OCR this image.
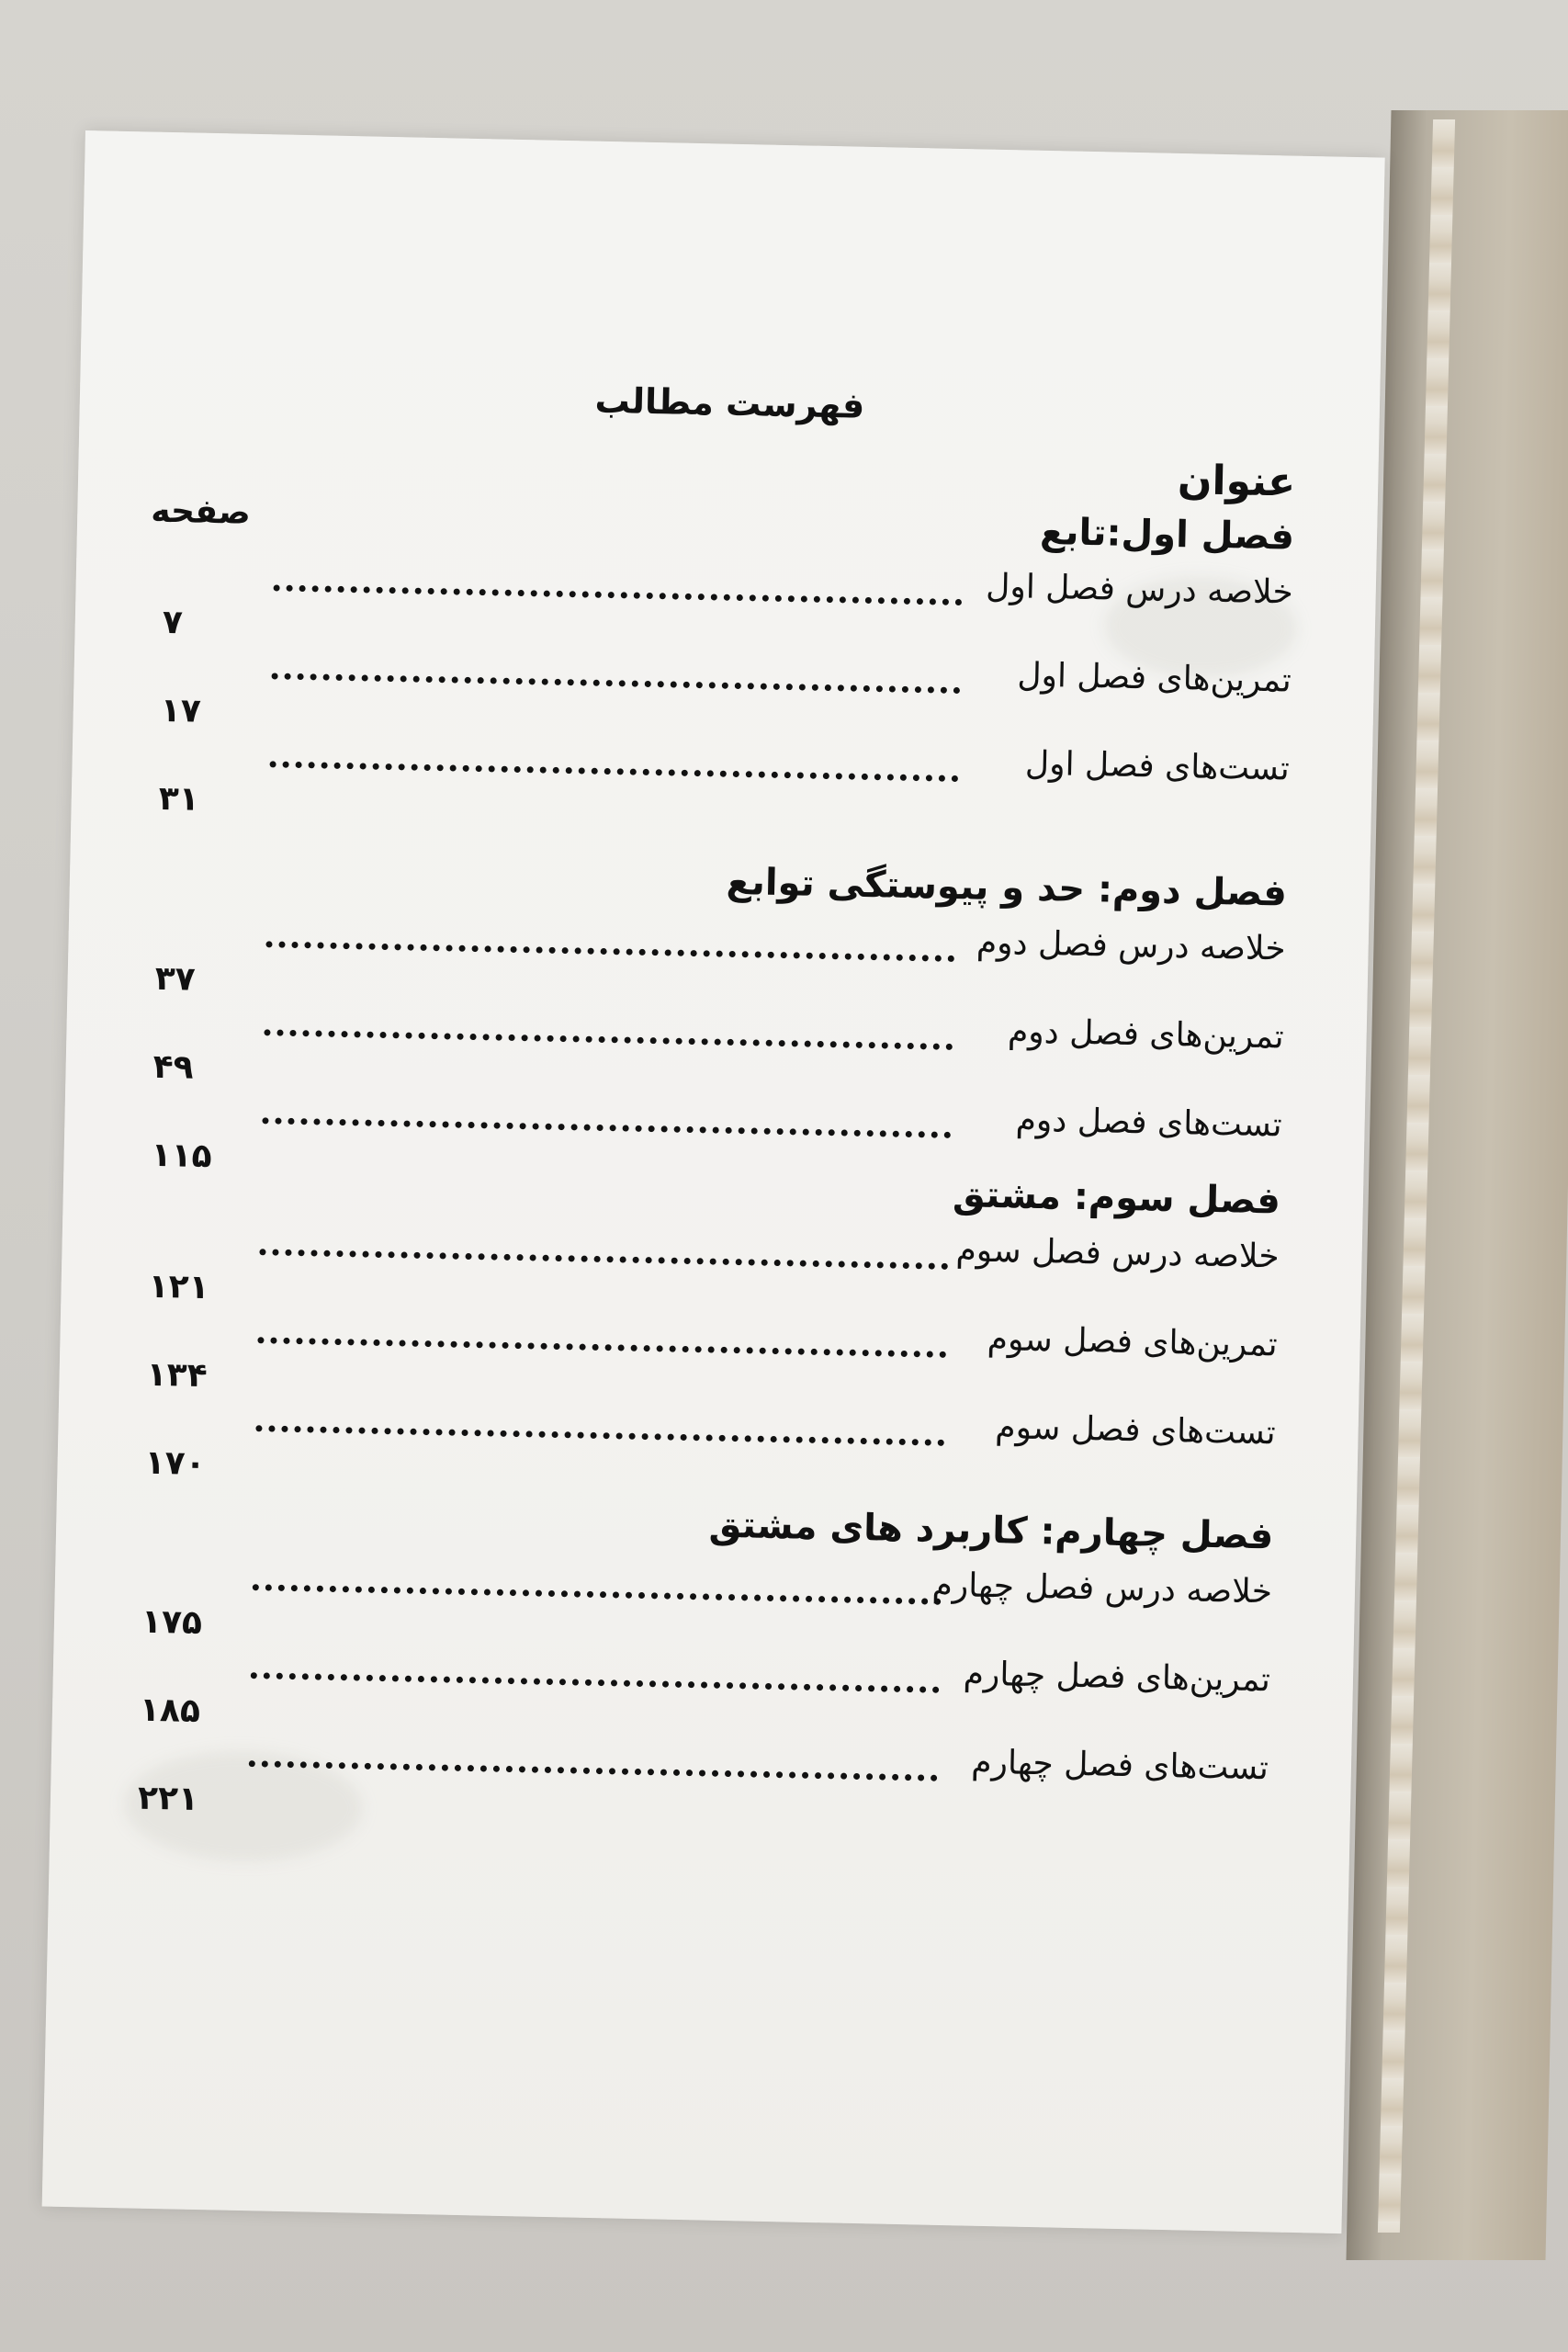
فهرست مطالب
عنوان
صفحه	فصل اول:تابع
خلاصه درس فصل اول
۷
تمرین‌های فصل اول
۱۷
تست‌های فصل اول
۳۱
فصل دوم: حد و پیوستگی توابع
خلاصه درس فصل دوم
۳۷
تمرین‌های فصل دوم
۴۹
تست‌های فصل دوم
۱۱۵
فصل سوم: مشتق
خلاصه درس فصل سوم
۱۲۱
تمرین‌های فصل سوم
۱۳۴
تست‌های فصل سوم
۱۷۰
فصل چهارم: کاربرد های مشتق
خلاصه درس فصل چهارم
۱۷۵
تمرین‌های فصل چهارم
۱۸۵
تست‌های فصل چهارم
۲۲۱
